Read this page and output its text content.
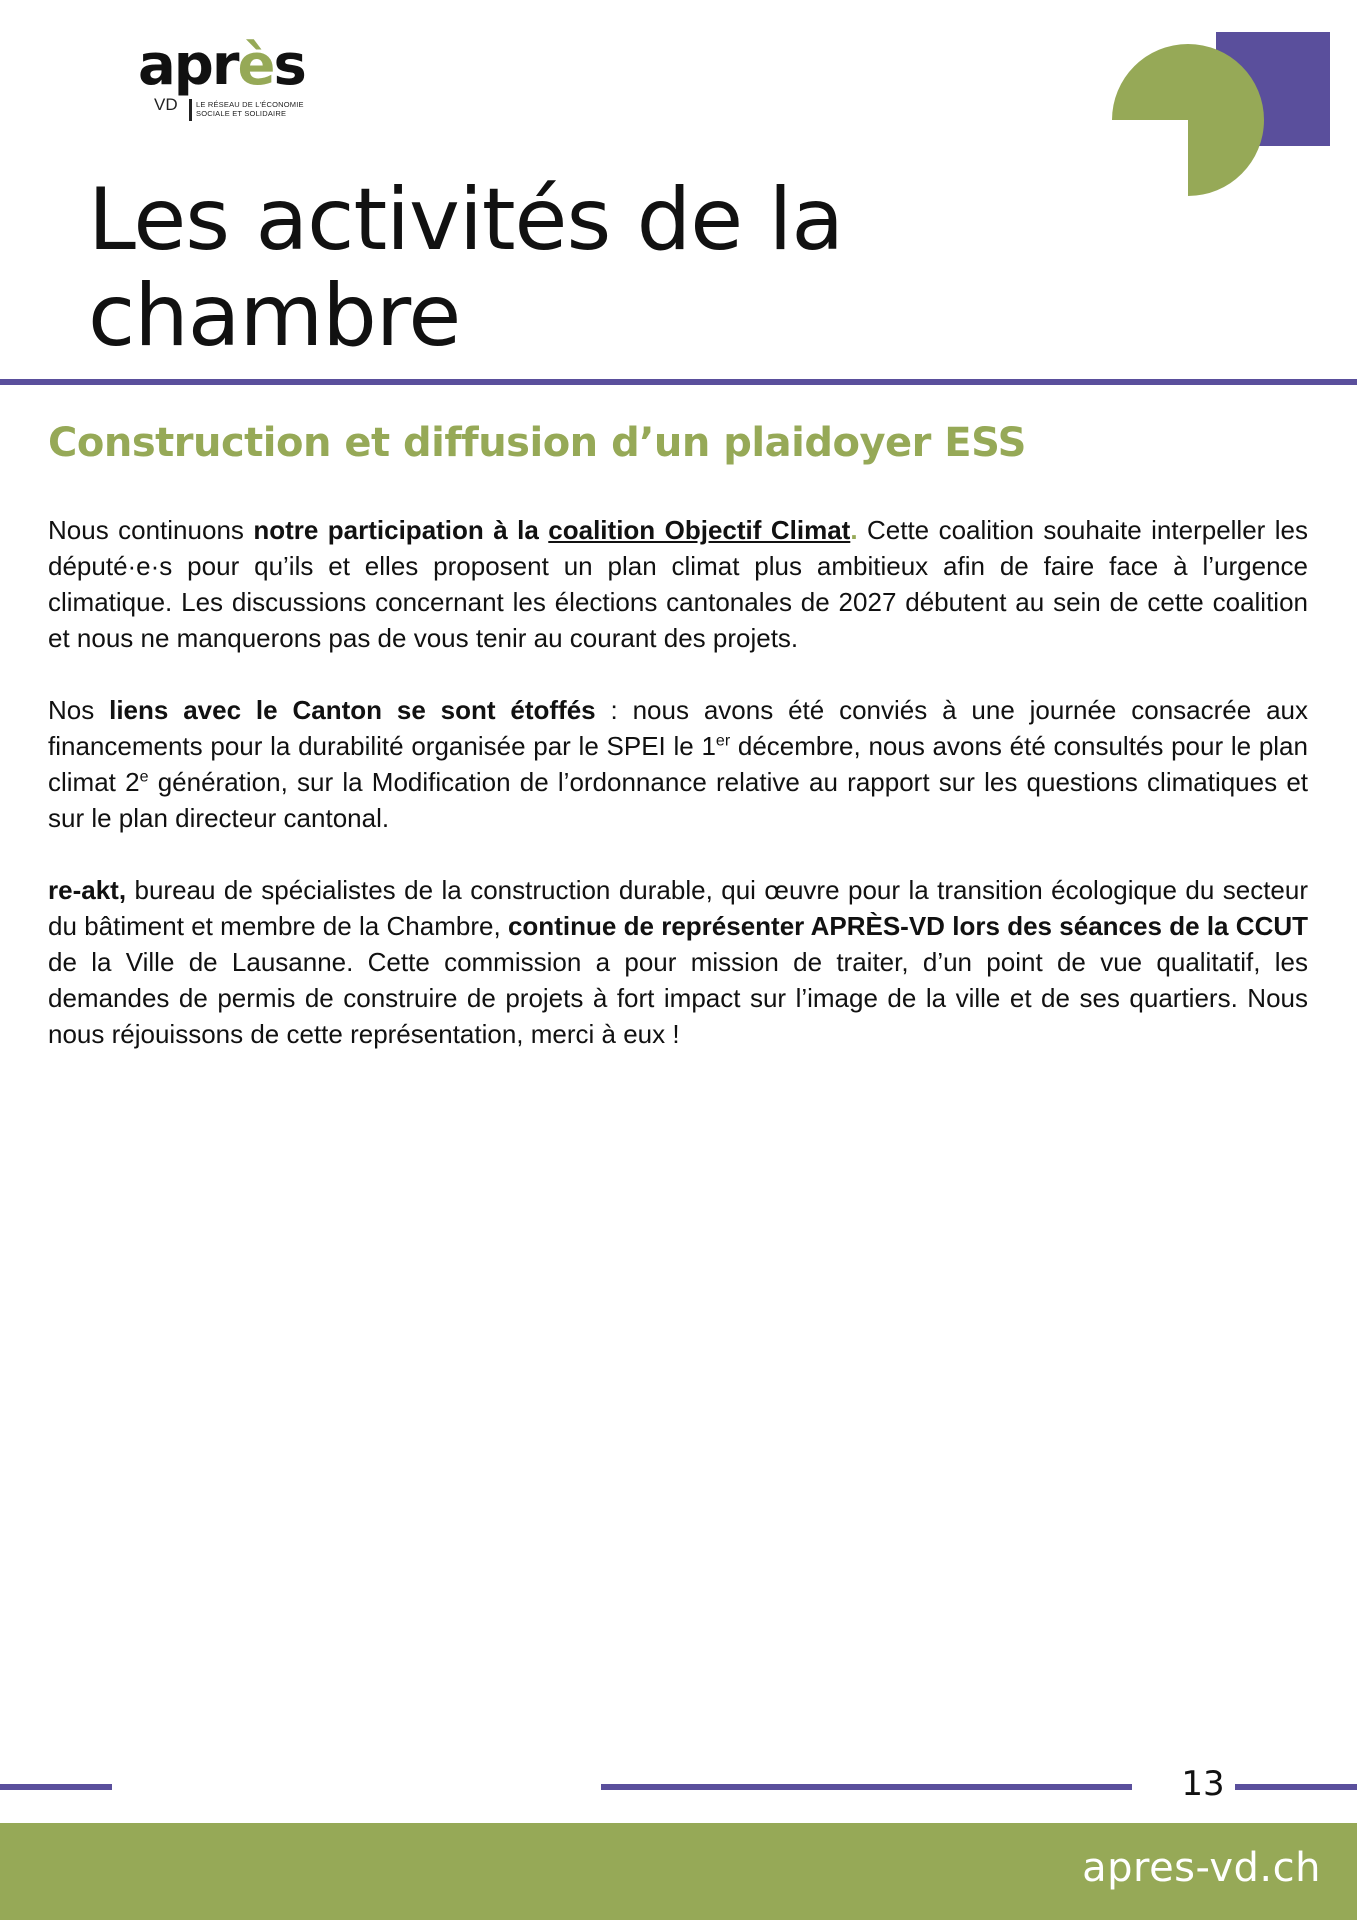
après
VD LE RÉSEAU DE L'ÉCONOMIE SOCIALE ET SOLIDAIRE
Les activités de la
chambre
Construction et diffusion d’un plaidoyer ESS

Nous continuons notre participation à la coalition Objectif Climat. Cette coalition souhaite interpeller les député·e·s pour qu’ils et elles proposent un plan climat plus ambitieux afin de faire face à l’urgence climatique. Les discussions concernant les élections cantonales de 2027 débutent au sein de cette coalition et nous ne manquerons pas de vous tenir au courant des projets.

Nos liens avec le Canton se sont étoffés : nous avons été conviés à une journée consacrée aux financements pour la durabilité organisée par le SPEI le 1er décembre, nous avons été consultés pour le plan climat 2e génération, sur la Modification de l’ordonnance relative au rapport sur les questions climatiques et sur le plan directeur cantonal.

re-akt, bureau de spécialistes de la construction durable, qui œuvre pour la transition écologique du secteur du bâtiment et membre de la Chambre, continue de représenter APRÈS-VD lors des séances de la CCUT de la Ville de Lausanne. Cette commission a pour mission de traiter, d’un point de vue qualitatif, les demandes de permis de construire de projets à fort impact sur l’image de la ville et de ses quartiers. Nous nous réjouissons de cette représentation, merci à eux !

13
apres-vd.ch
